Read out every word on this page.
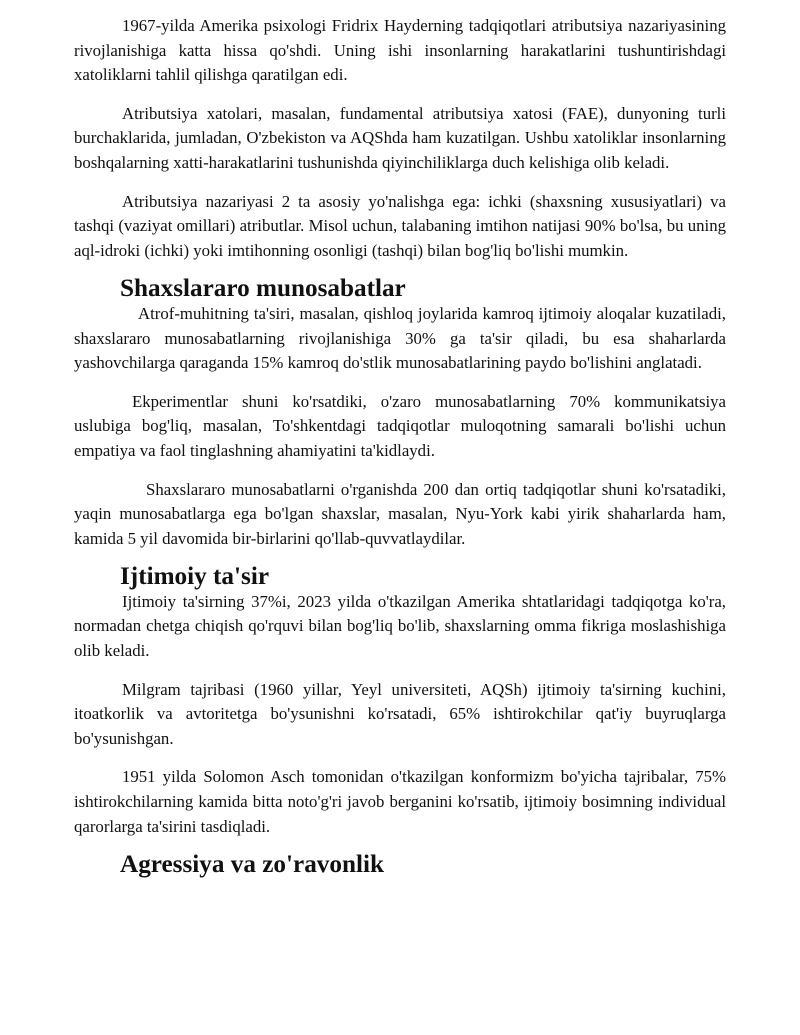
1967-yilda Amerika psixologi Fridrix Hayderning tadqiqotlari atributsiya nazariyasining rivojlanishiga katta hissa qo'shdi. Uning ishi insonlarning harakatlarini tushuntirishdagi xatoliklarni tahlil qilishga qaratilgan edi.

Atributsiya xatolari, masalan, fundamental atributsiya xatosi (FAE), dunyoning turli burchaklarida, jumladan, O'zbekiston va AQShda ham kuzatilgan. Ushbu xatoliklar insonlarning boshqalarning xatti-harakatlarini tushunishda qiyinchiliklarga duch kelishiga olib keladi.

Atributsiya nazariyasi 2 ta asosiy yo'nalishga ega: ichki (shaxsning xususiyatlari) va tashqi (vaziyat omillari) atributlar. Misol uchun, talabaning imtihon natijasi 90% bo'lsa, bu uning aql-idroki (ichki) yoki imtihonning osonligi (tashqi) bilan bog'liq bo'lishi mumkin.

Shaxslararo munosabatlar

Atrof-muhitning ta'siri, masalan, qishloq joylarida kamroq ijtimoiy aloqalar kuzatiladi, shaxslararo munosabatlarning rivojlanishiga 30% ga ta'sir qiladi, bu esa shaharlarda yashovchilarga qaraganda 15% kamroq do'stlik munosabatlarining paydo bo'lishini anglatadi.

Ekperimentlar shuni ko'rsatdiki, o'zaro munosabatlarning 70% kommunikatsiya uslubiga bog'liq, masalan, To'shkentdagi tadqiqotlar muloqotning samarali bo'lishi uchun empatiya va faol tinglashning ahamiyatini ta'kidlaydi.

Shaxslararo munosabatlarni o'rganishda 200 dan ortiq tadqiqotlar shuni ko'rsatadiki, yaqin munosabatlarga ega bo'lgan shaxslar, masalan, Nyu-York kabi yirik shaharlarda ham, kamida 5 yil davomida bir-birlarini qo'llab-quvvatlaydilar.

Ijtimoiy ta'sir

Ijtimoiy ta'sirning 37%i, 2023 yilda o'tkazilgan Amerika shtatlaridagi tadqiqotga ko'ra, normadan chetga chiqish qo'rquvi bilan bog'liq bo'lib, shaxslarning omma fikriga moslashishiga olib keladi.

Milgram tajribasi (1960 yillar, Yeyl universiteti, AQSh) ijtimoiy ta'sirning kuchini, itoatkorlik va avtoritetga bo'ysunishni ko'rsatadi, 65% ishtirokchilar qat'iy buyruqlarga bo'ysunishgan.

1951 yilda Solomon Asch tomonidan o'tkazilgan konformizm bo'yicha tajribalar, 75% ishtirokchilarning kamida bitta noto'g'ri javob berganini ko'rsatib, ijtimoiy bosimning individual qarorlarga ta'sirini tasdiqladi.

Agressiya va zo'ravonlik
